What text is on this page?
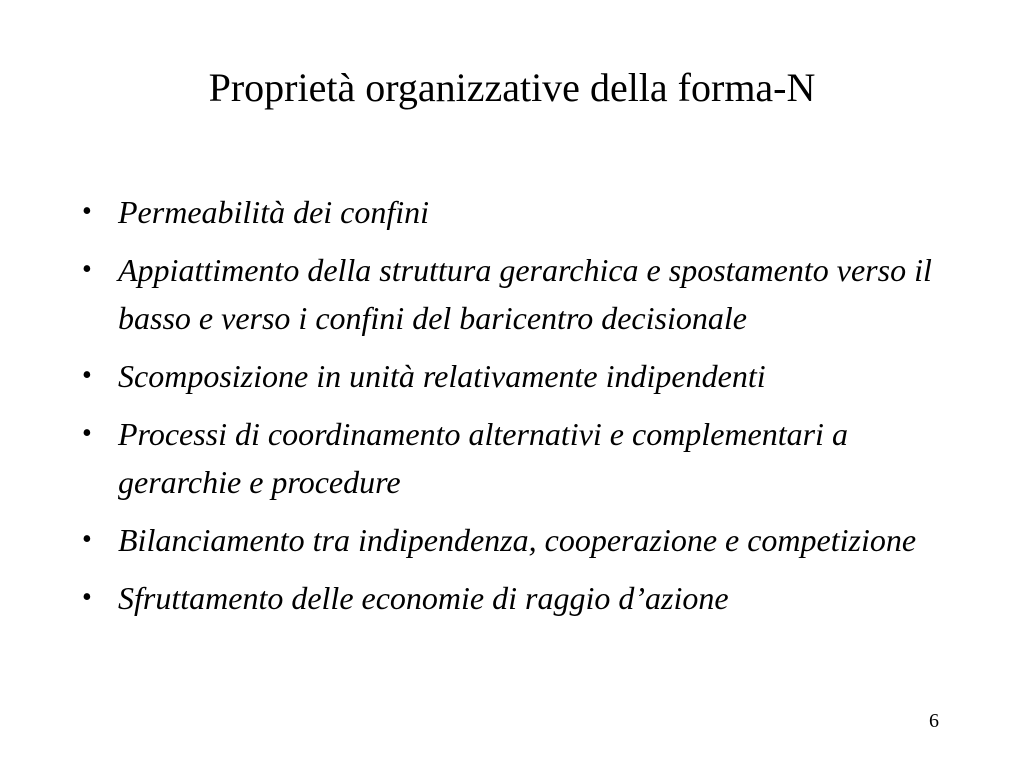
Proprietà organizzative della forma-N
• Permeabilità dei confini
• Appiattimento della struttura gerarchica e spostamento verso il basso e verso i confini del baricentro decisionale
• Scomposizione in unità relativamente indipendenti
• Processi di coordinamento alternativi e complementari a gerarchie e procedure
• Bilanciamento tra indipendenza, cooperazione e competizione
• Sfruttamento delle economie di raggio d’azione
6
